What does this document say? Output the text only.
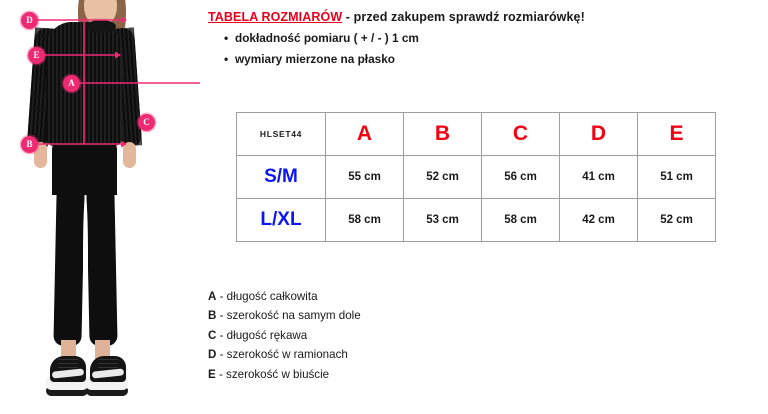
D
E
A
B
C
TABELA ROZMIARÓW - przed zakupem sprawdź rozmiarówkę!
• dokładność pomiaru ( + / - ) 1 cm
• wymiary mierzone na płasko
HLSET44	A	B	C	D	E
S/M	55 cm	52 cm	56 cm	41 cm	51 cm
L/XL	58 cm	53 cm	58 cm	42 cm	52 cm
A - długość całkowita
B - szerokość na samym dole
C - długość rękawa
D - szerokość w ramionach
E - szerokość w biuście
